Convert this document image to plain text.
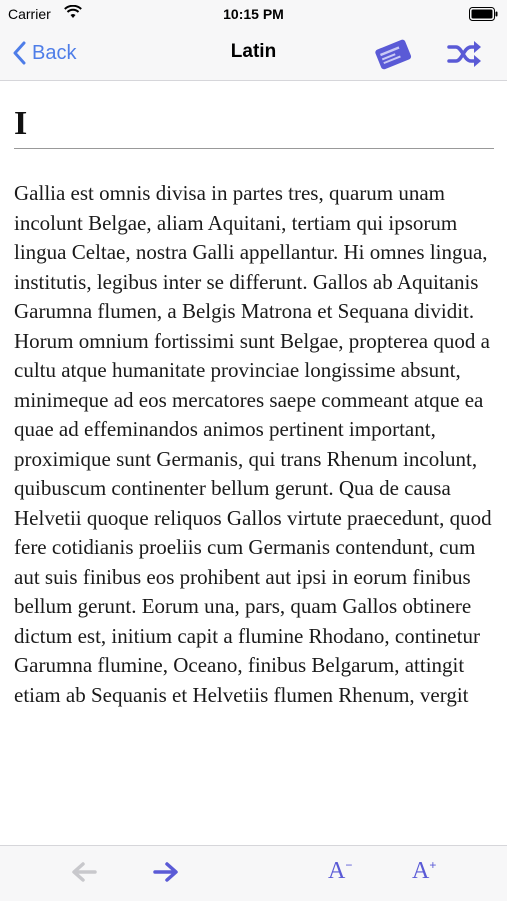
Carrier	10:15 PM
Back	Latin
I

Gallia est omnis divisa in partes tres, quarum unam incolunt Belgae, aliam Aquitani, tertiam qui ipsorum lingua Celtae, nostra Galli appellantur. Hi omnes lingua, institutis, legibus inter se differunt. Gallos ab Aquitanis Garumna flumen, a Belgis Matrona et Sequana dividit. Horum omnium fortissimi sunt Belgae, propterea quod a cultu atque humanitate provinciae longissime absunt, minimeque ad eos mercatores saepe commeant atque ea quae ad effeminandos animos pertinent important, proximique sunt Germanis, qui trans Rhenum incolunt, quibuscum continenter bellum gerunt. Qua de causa Helvetii quoque reliquos Gallos virtute praecedunt, quod fere cotidianis proeliis cum Germanis contendunt, cum aut suis finibus eos prohibent aut ipsi in eorum finibus bellum gerunt. Eorum una, pars, quam Gallos obtinere dictum est, initium capit a flumine Rhodano, continetur Garumna flumine, Oceano, finibus Belgarum, attingit etiam ab Sequanis et Helvetiis flumen Rhenum, vergit

A− A+
